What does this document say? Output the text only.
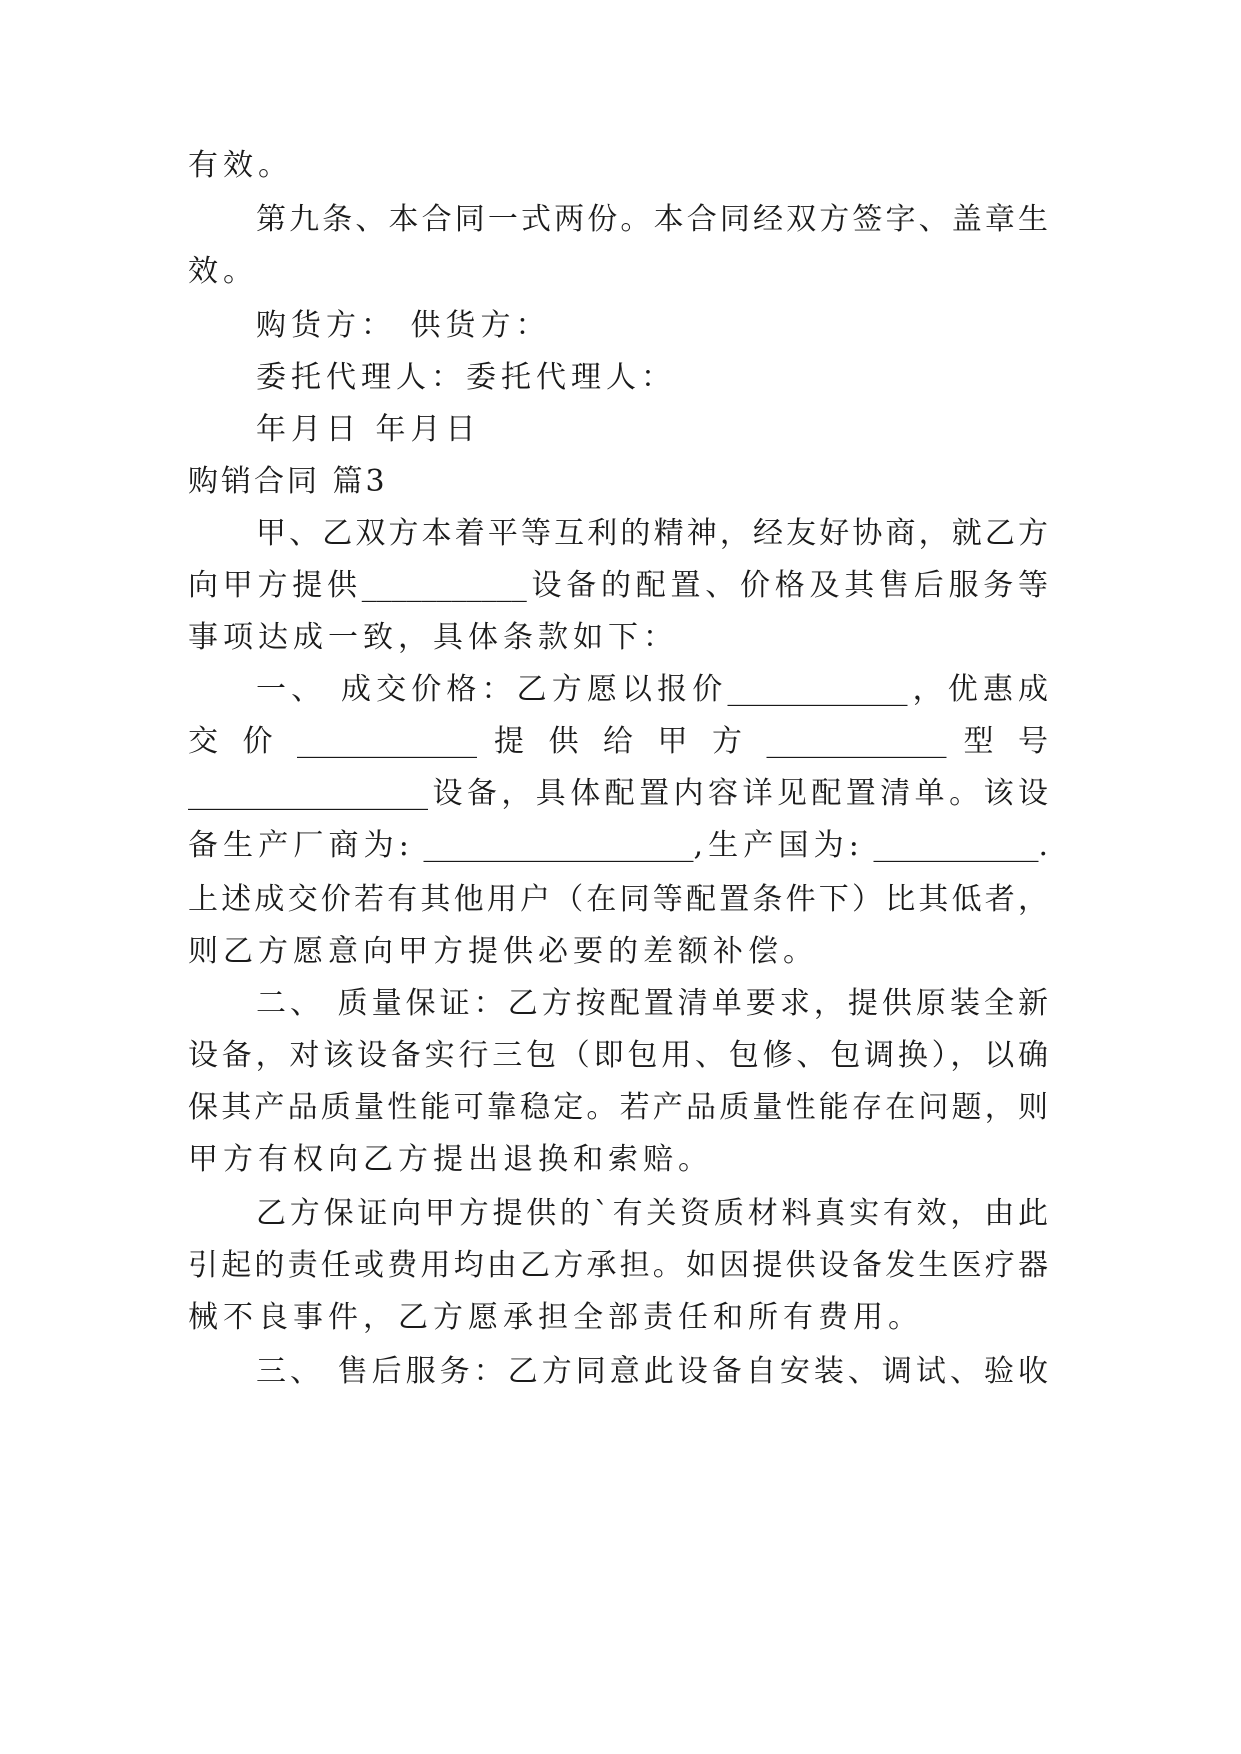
有效。
第九条、本合同一式两份。本合同经双方签字、盖章生
效。
购货方： 供货方：
委托代理人：委托代理人：
年月日 年月日
购销合同 篇3
甲、乙双方本着平等互利的精神，经友好协商，就乙方
向甲方提供___________设备的配置、价格及其售后服务等
事项达成一致，具体条款如下：
一、 成交价格：乙方愿以报价____________，优惠成
交 价 ____________ 提 供 给 甲 方 ____________ 型 号
________________设备，具体配置内容详见配置清单。该设
备生产厂商为: __________________,生产国为: ___________.
上述成交价若有其他用户（在同等配置条件下）比其低者，
则乙方愿意向甲方提供必要的差额补偿。
二、 质量保证：乙方按配置清单要求，提供原装全新
设备，对该设备实行三包（即包用、包修、包调换），以确
保其产品质量性能可靠稳定。若产品质量性能存在问题，则
甲方有权向乙方提出退换和索赔。
乙方保证向甲方提供的`有关资质材料真实有效，由此
引起的责任或费用均由乙方承担。如因提供设备发生医疗器
械不良事件，乙方愿承担全部责任和所有费用。
三、 售后服务：乙方同意此设备自安装、调试、验收
